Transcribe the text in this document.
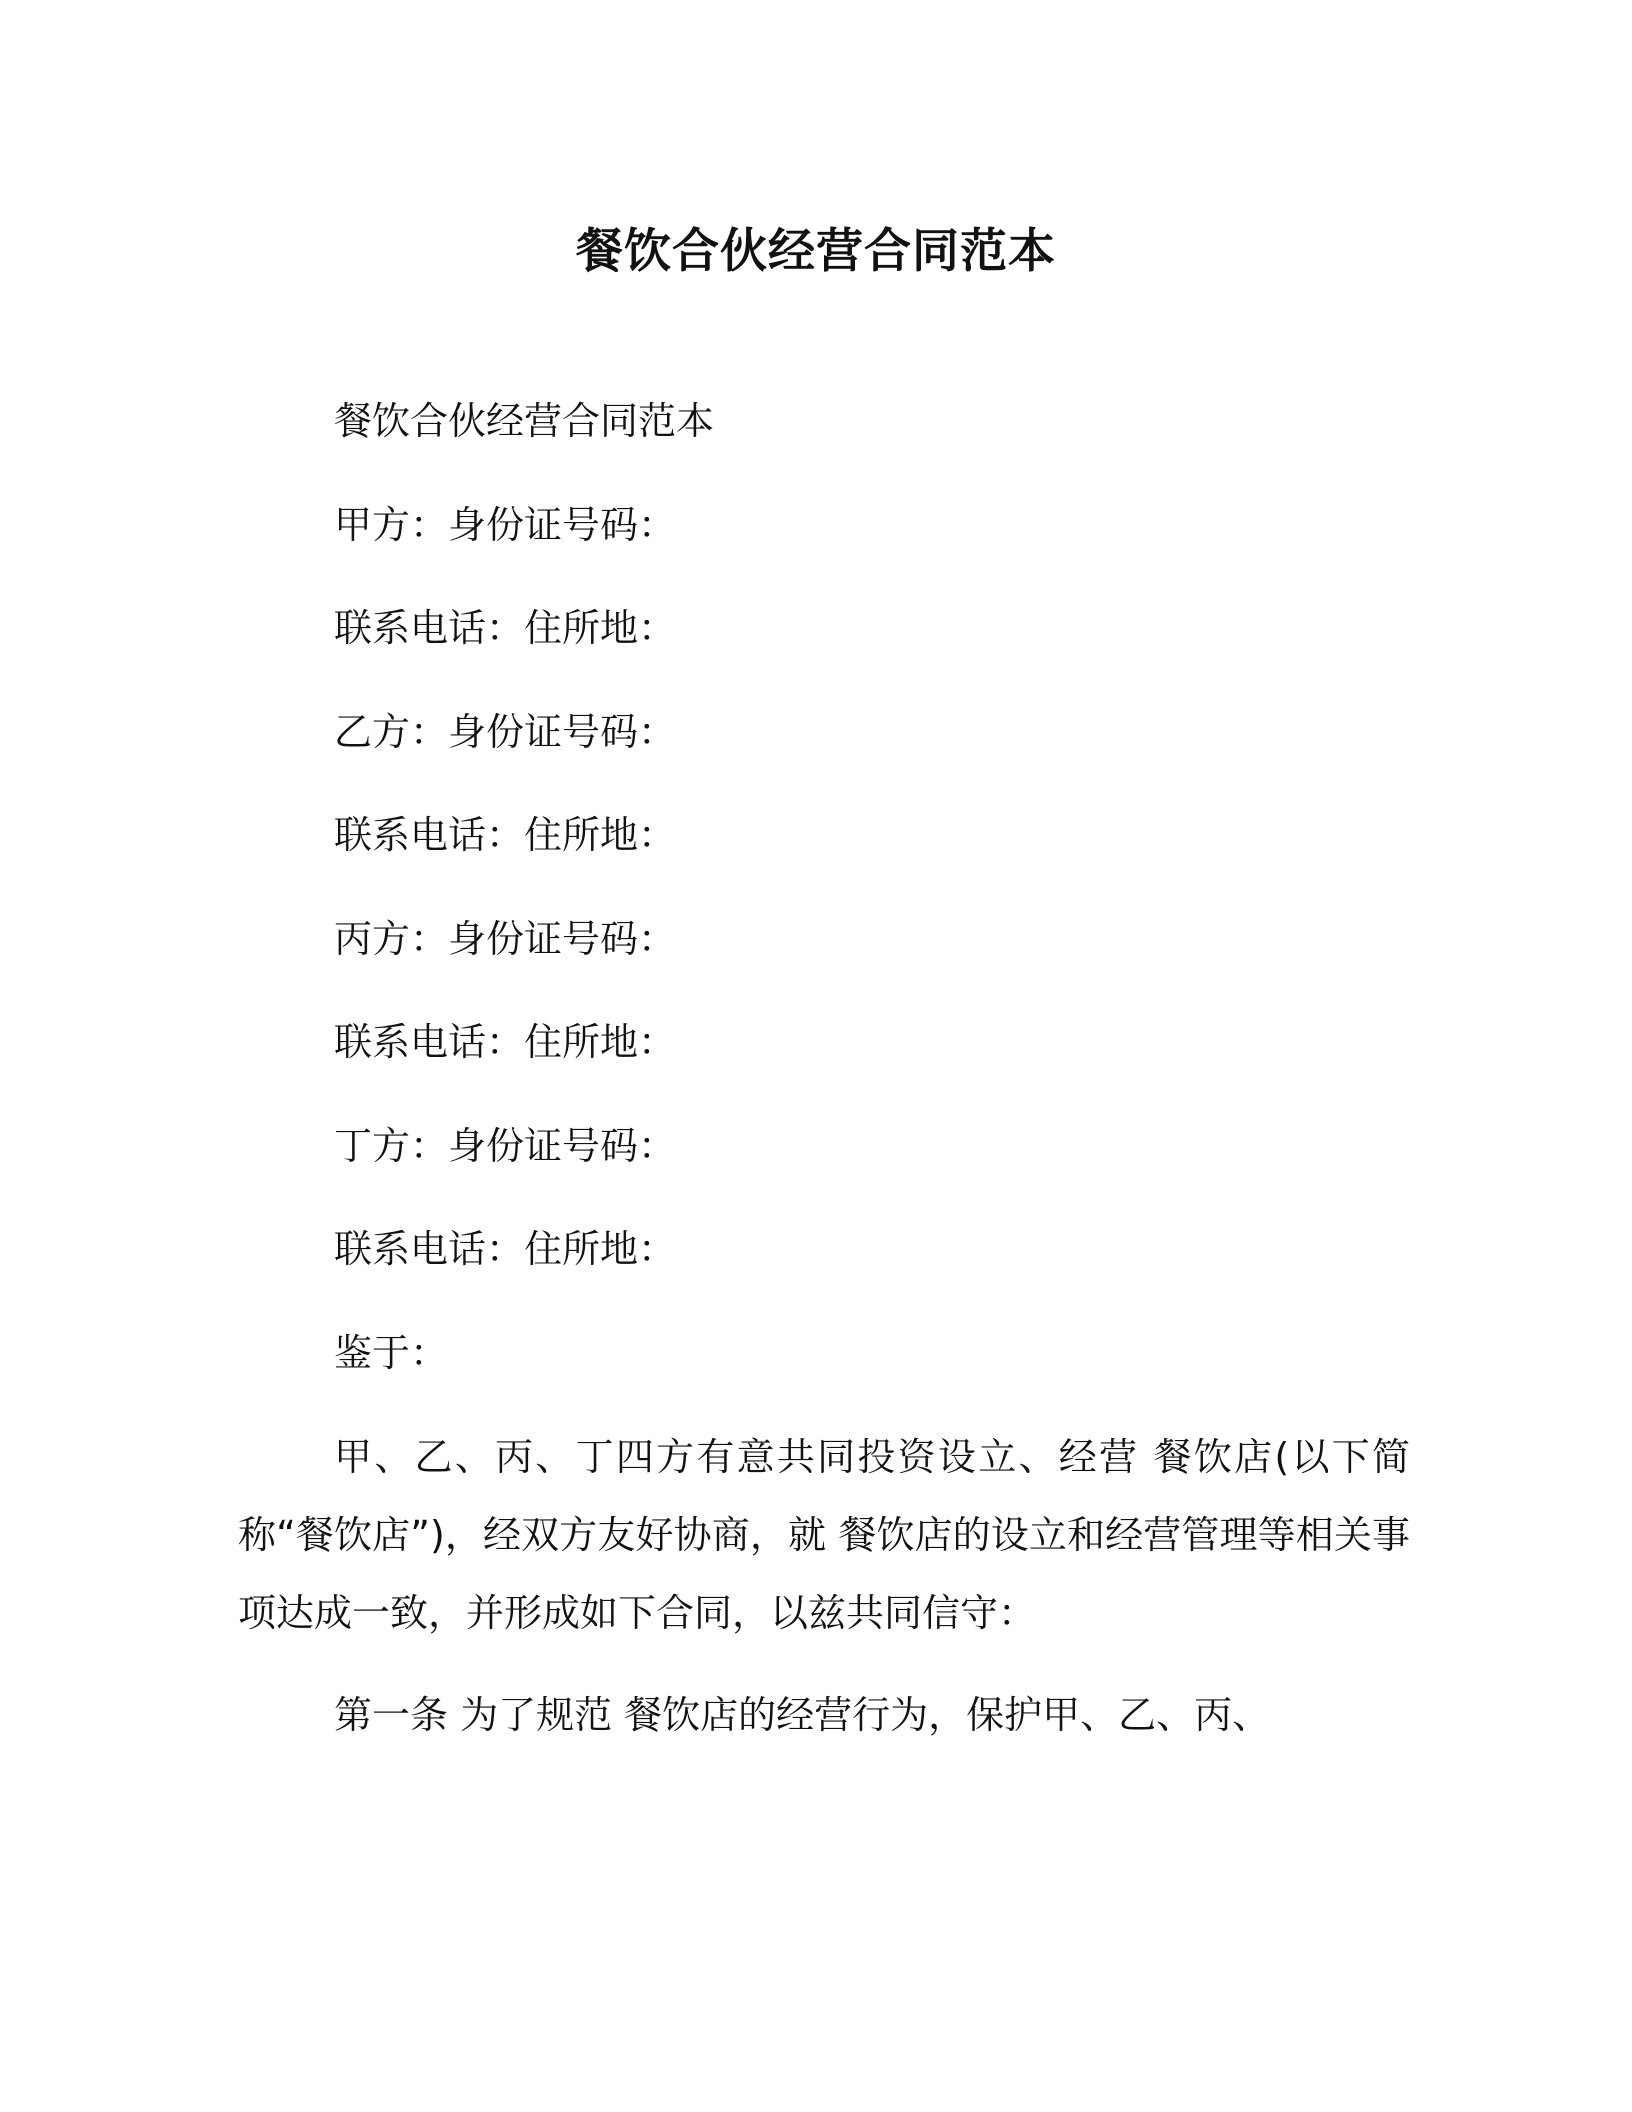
餐饮合伙经营合同范本
餐饮合伙经营合同范本
甲方：身份证号码：
联系电话：住所地：
乙方：身份证号码：
联系电话：住所地：
丙方：身份证号码：
联系电话：住所地：
丁方：身份证号码：
联系电话：住所地：
鉴于：
甲、乙、丙、丁四方有意共同投资设立、经营 餐饮店(以下简称“餐饮店”)，经双方友好协商，就 餐饮店的设立和经营管理等相关事项达成一致，并形成如下合同，以兹共同信守：
第一条 为了规范 餐饮店的经营行为，保护甲、乙、丙、
